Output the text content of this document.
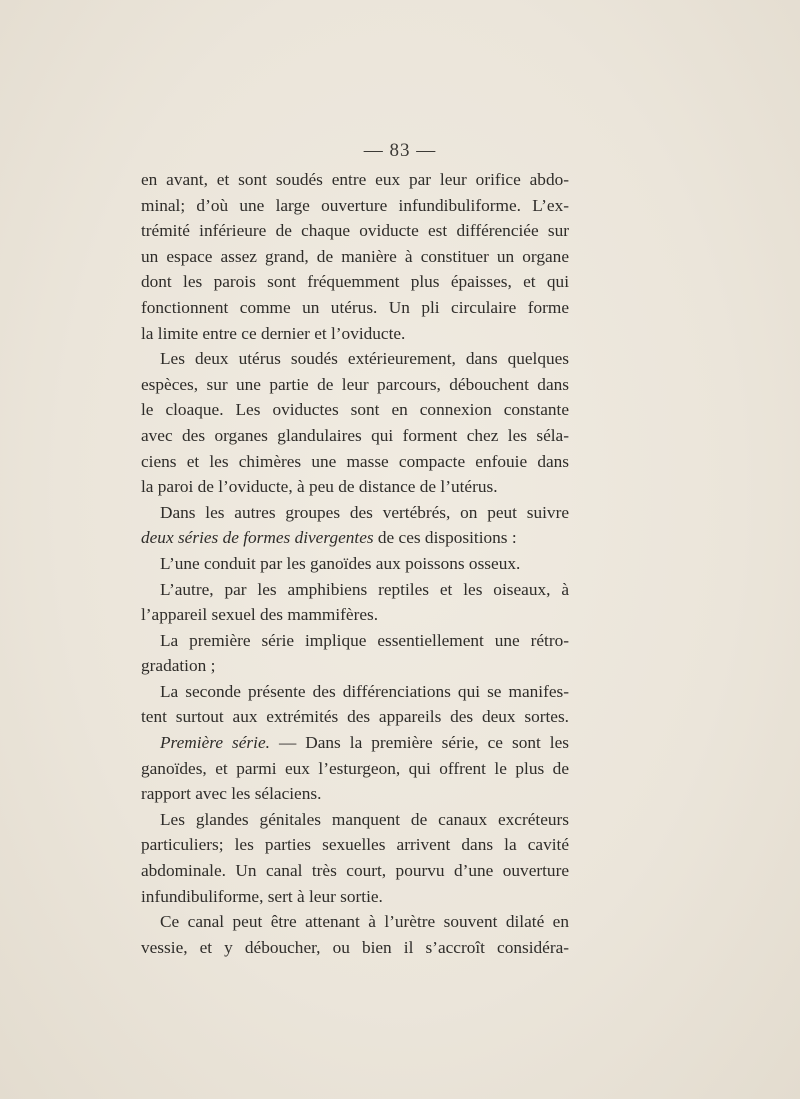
— 83 —
en avant, et sont soudés entre eux par leur orifice abdo-
minal; d’où une large ouverture infundibuliforme. L’ex-
trémité inférieure de chaque oviducte est différenciée sur
un espace assez grand, de manière à constituer un organe
dont les parois sont fréquemment plus épaisses, et qui
fonctionnent comme un utérus. Un pli circulaire forme
la limite entre ce dernier et l’oviducte.
Les deux utérus soudés extérieurement, dans quelques
espèces, sur une partie de leur parcours, débouchent dans
le cloaque. Les oviductes sont en connexion constante
avec des organes glandulaires qui forment chez les séla-
ciens et les chimères une masse compacte enfouie dans
la paroi de l’oviducte, à peu de distance de l’utérus.
Dans les autres groupes des vertébrés, on peut suivre
deux séries de formes divergentes de ces dispositions :
L’une conduit par les ganoïdes aux poissons osseux.
L’autre, par les amphibiens reptiles et les oiseaux, à
l’appareil sexuel des mammifères.
La première série implique essentiellement une rétro-
gradation ;
La seconde présente des différenciations qui se manifes-
tent surtout aux extrémités des appareils des deux sortes.
Première série. — Dans la première série, ce sont les
ganoïdes, et parmi eux l’esturgeon, qui offrent le plus de
rapport avec les sélaciens.
Les glandes génitales manquent de canaux excréteurs
particuliers; les parties sexuelles arrivent dans la cavité
abdominale. Un canal très court, pourvu d’une ouverture
infundibuliforme, sert à leur sortie.
Ce canal peut être attenant à l’urètre souvent dilaté en
vessie, et y déboucher, ou bien il s’accroît considéra-
